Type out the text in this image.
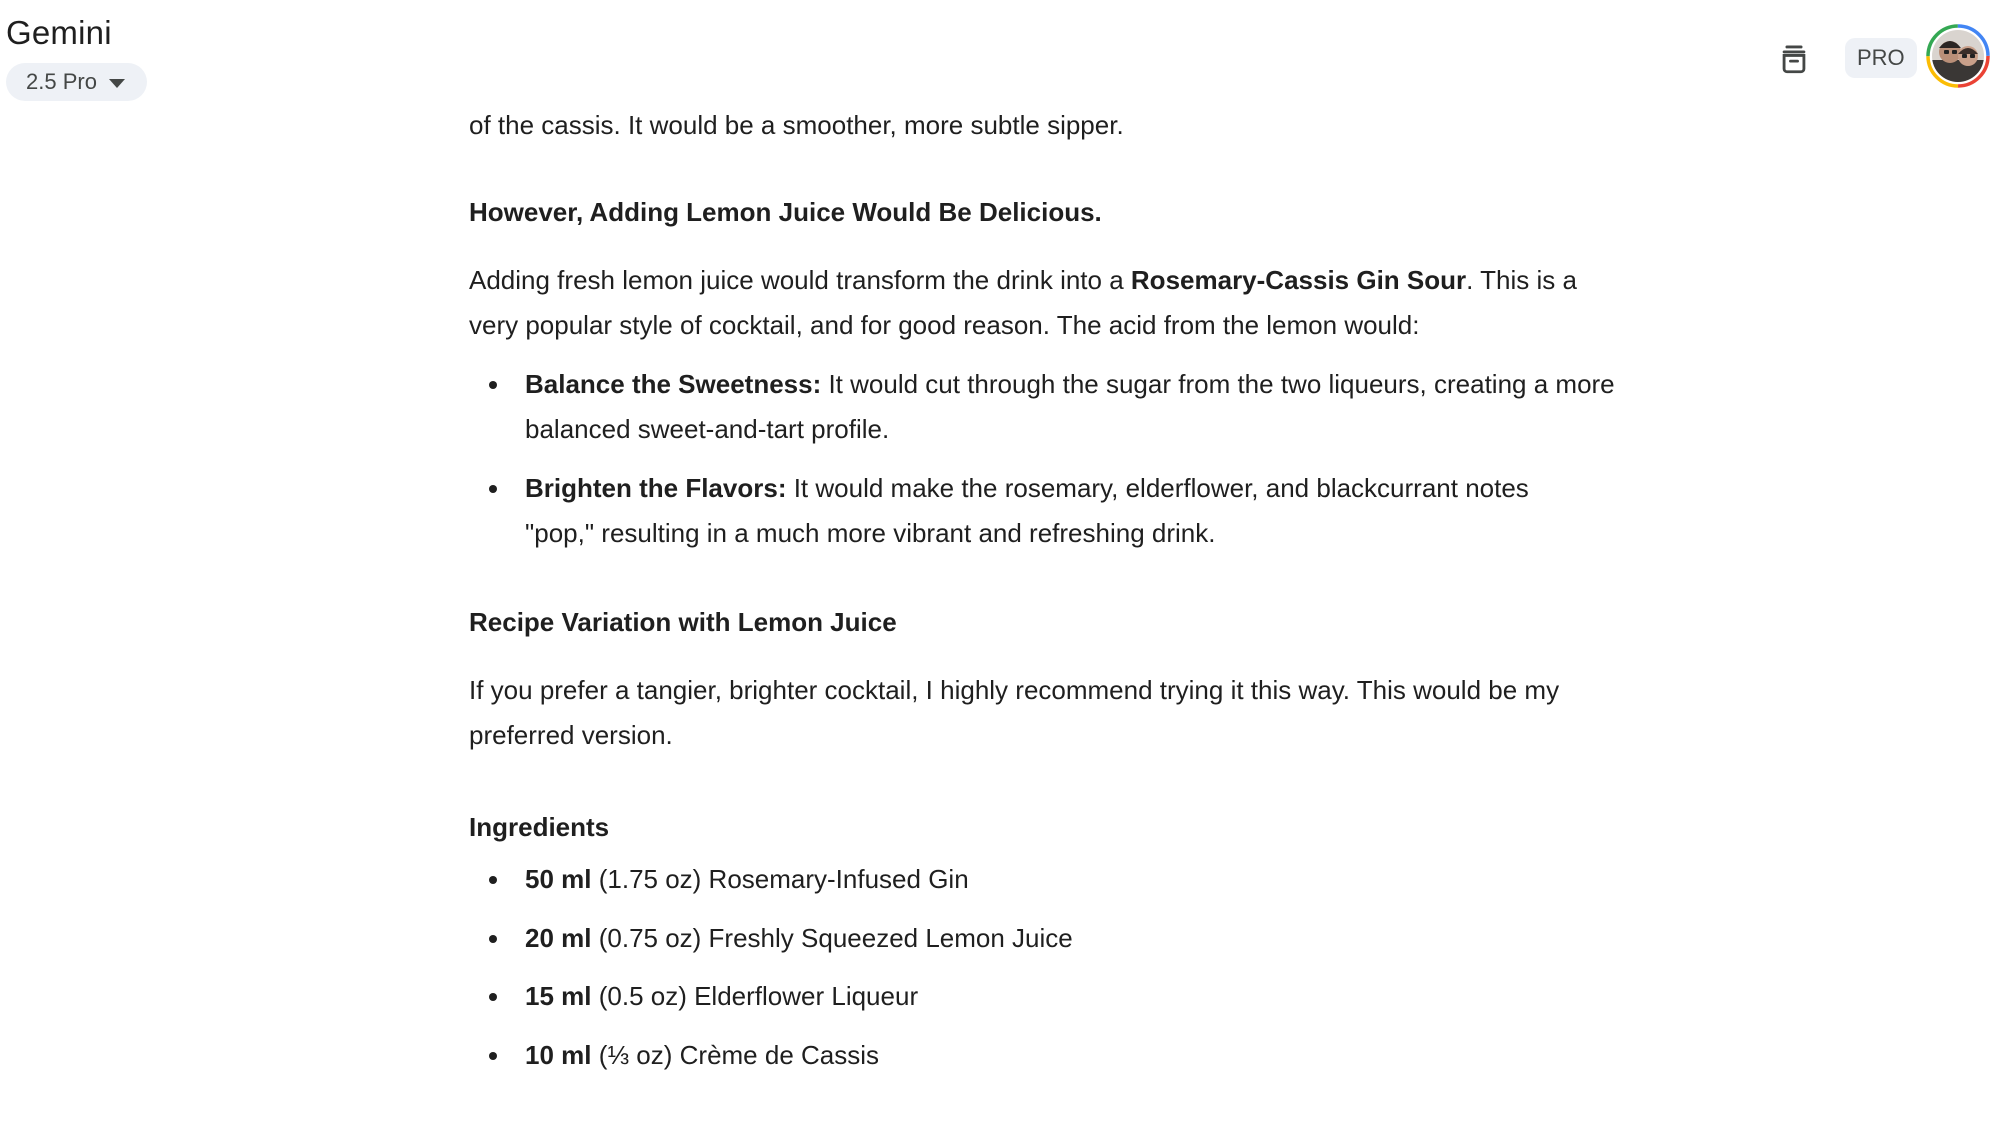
Gemini
2.5 Pro
PRO
of the cassis. It would be a smoother, more subtle sipper.
However, Adding Lemon Juice Would Be Delicious.
Adding fresh lemon juice would transform the drink into a Rosemary-Cassis Gin Sour. This is a
very popular style of cocktail, and for good reason. The acid from the lemon would:
Balance the Sweetness: It would cut through the sugar from the two liqueurs, creating a more balanced sweet-and-tart profile.
Brighten the Flavors: It would make the rosemary, elderflower, and blackcurrant notes "pop," resulting in a much more vibrant and refreshing drink.
Recipe Variation with Lemon Juice
If you prefer a tangier, brighter cocktail, I highly recommend trying it this way. This would be my preferred version.
Ingredients
50 ml (1.75 oz) Rosemary-Infused Gin
20 ml (0.75 oz) Freshly Squeezed Lemon Juice
15 ml (0.5 oz) Elderflower Liqueur
10 ml (⅓ oz) Crème de Cassis
